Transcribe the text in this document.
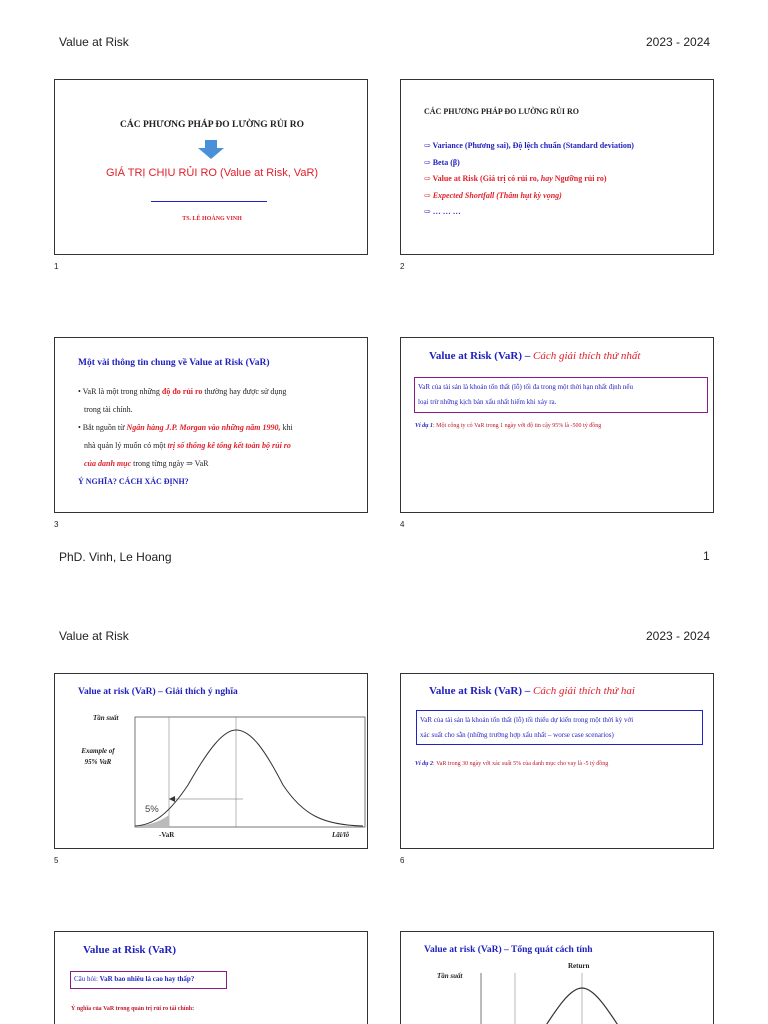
Value at Risk	2023 - 2024
CÁC PHƯƠNG PHÁP ĐO LƯỜNG RỦI RO
GIÁ TRỊ CHỊU RỦI RO (Value at Risk, VaR)
TS. LÊ HOÀNG VINH
1
CÁC PHƯƠNG PHÁP ĐO LƯỜNG RỦI RO

⇨ Variance (Phương sai), Độ lệch chuẩn (Standard deviation)

⇨ Beta (β)

⇨ Value at Risk (Giá trị có rủi ro, hay Ngưỡng rủi ro)

⇨ Expected Shortfall (Thâm hụt kỳ vọng)

⇨ … … …

2
Một vài thông tin chung về Value at Risk (VaR)

• VaR là một trong những độ đo rủi ro thường hay được sử dụng

trong tài chính.

• Bắt nguồn từ Ngân hàng J.P. Morgan vào những năm 1990, khi

nhà quản lý muốn có một trị số thống kê tổng kết toàn bộ rủi ro

của danh mục trong từng ngày ⇒ VaR

Ý NGHĨA? CÁCH XÁC ĐỊNH?
3
Value at Risk (VaR) – Cách giải thích thứ nhất
VaR của tài sản là khoản tổn thất (lỗ) tối đa trong một thời hạn nhất định nếu
loại trừ những kịch bản xấu nhất hiếm khi xảy ra.
Ví dụ 1: Một công ty có VaR trong 1 ngày với độ tin cậy 95% là -500 tỷ đồng
4
PhD. Vinh, Le Hoang	1
Value at Risk	2023 - 2024
Value at risk (VaR) – Giải thích ý nghĩa
Tần suất
Example of
95% VaR
5%
-VaR	Lãi/lỗ
5
Value at Risk (VaR) – Cách giải thích thứ hai
VaR của tài sản là khoản tổn thất (lỗ) tối thiểu dự kiến trong một thời kỳ với
xác suất cho sẵn (những trường hợp xấu nhất – worse case scenarios)
Ví dụ 2: VaR trong 30 ngày với xác suất 5% của danh mục cho vay là -5 tỷ đồng
6
Value at Risk (VaR)
Câu hỏi: VaR bao nhiêu là cao hay thấp?
Ý nghĩa của VaR trong quản trị rủi ro tài chính:
Value at risk (VaR) – Tổng quát cách tính
Return
Tần suất
